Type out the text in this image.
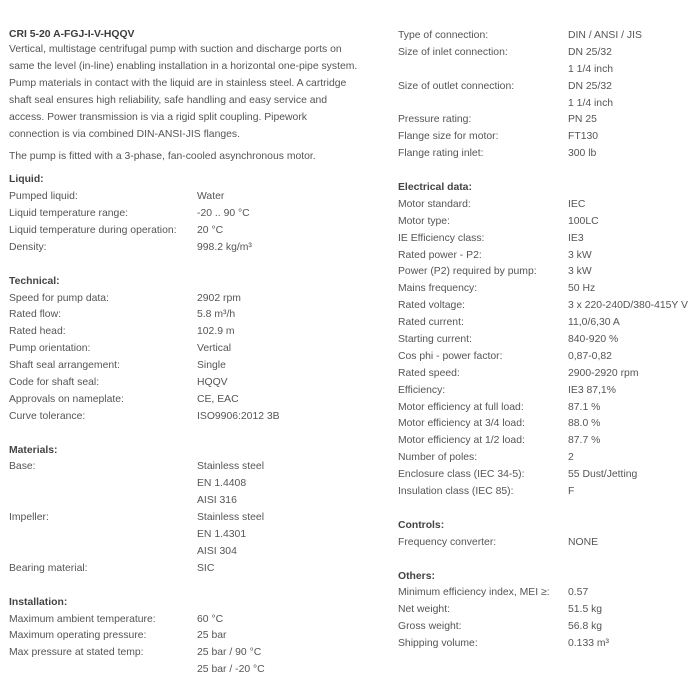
CRI 5-20 A-FGJ-I-V-HQQV

Vertical, multistage centrifugal pump with suction and discharge ports on

same the level (in-line) enabling installation in a horizontal one-pipe system.

Pump materials in contact with the liquid are in stainless steel. A cartridge

shaft seal ensures high reliability, safe handling and easy service and

access. Power transmission is via a rigid split coupling. Pipework

connection is via combined DIN-ANSI-JIS flanges.

The pump is fitted with a 3-phase, fan-cooled asynchronous motor.

Liquid:
Pumped liquid:	Water
Liquid temperature range:	-20 .. 90 °C
Liquid temperature during operation:	20 °C
Density:	998.2 kg/m³
Technical:
Speed for pump data:	2902 rpm
Rated flow:	5.8 m³/h
Rated head:	102.9 m
Pump orientation:	Vertical
Shaft seal arrangement:	Single
Code for shaft seal:	HQQV
Approvals on nameplate:	CE, EAC
Curve tolerance:	ISO9906:2012 3B
Materials:
Base:	Stainless steel
EN 1.4408
AISI 316
Impeller:	Stainless steel
EN 1.4301
AISI 304
Bearing material:	SIC
Installation:
Maximum ambient temperature:	60 °C
Maximum operating pressure:	25 bar
Max pressure at stated temp:	25 bar / 90 °C
25 bar / -20 °C
Type of connection:	DIN / ANSI / JIS
Size of inlet connection:	DN 25/32
1 1/4 inch
Size of outlet connection:	DN 25/32
1 1/4 inch
Pressure rating:	PN 25
Flange size for motor:	FT130
Flange rating inlet:	300 lb
Electrical data:
Motor standard:	IEC
Motor type:	100LC
IE Efficiency class:	IE3
Rated power - P2:	3 kW
Power (P2) required by pump:	3 kW
Mains frequency:	50 Hz
Rated voltage:	3 x 220-240D/380-415Y V
Rated current:	11,0/6,30 A
Starting current:	840-920 %
Cos phi - power factor:	0,87-0,82
Rated speed:	2900-2920 rpm
Efficiency:	IE3 87,1%
Motor efficiency at full load:	87.1 %
Motor efficiency at 3/4 load:	88.0 %
Motor efficiency at 1/2 load:	87.7 %
Number of poles:	2
Enclosure class (IEC 34-5):	55 Dust/Jetting
Insulation class (IEC 85):	F
Controls:
Frequency converter:	NONE
Others:
Minimum efficiency index, MEI ≥:	0.57
Net weight:	51.5 kg
Gross weight:	56.8 kg
Shipping volume:	0.133 m³
